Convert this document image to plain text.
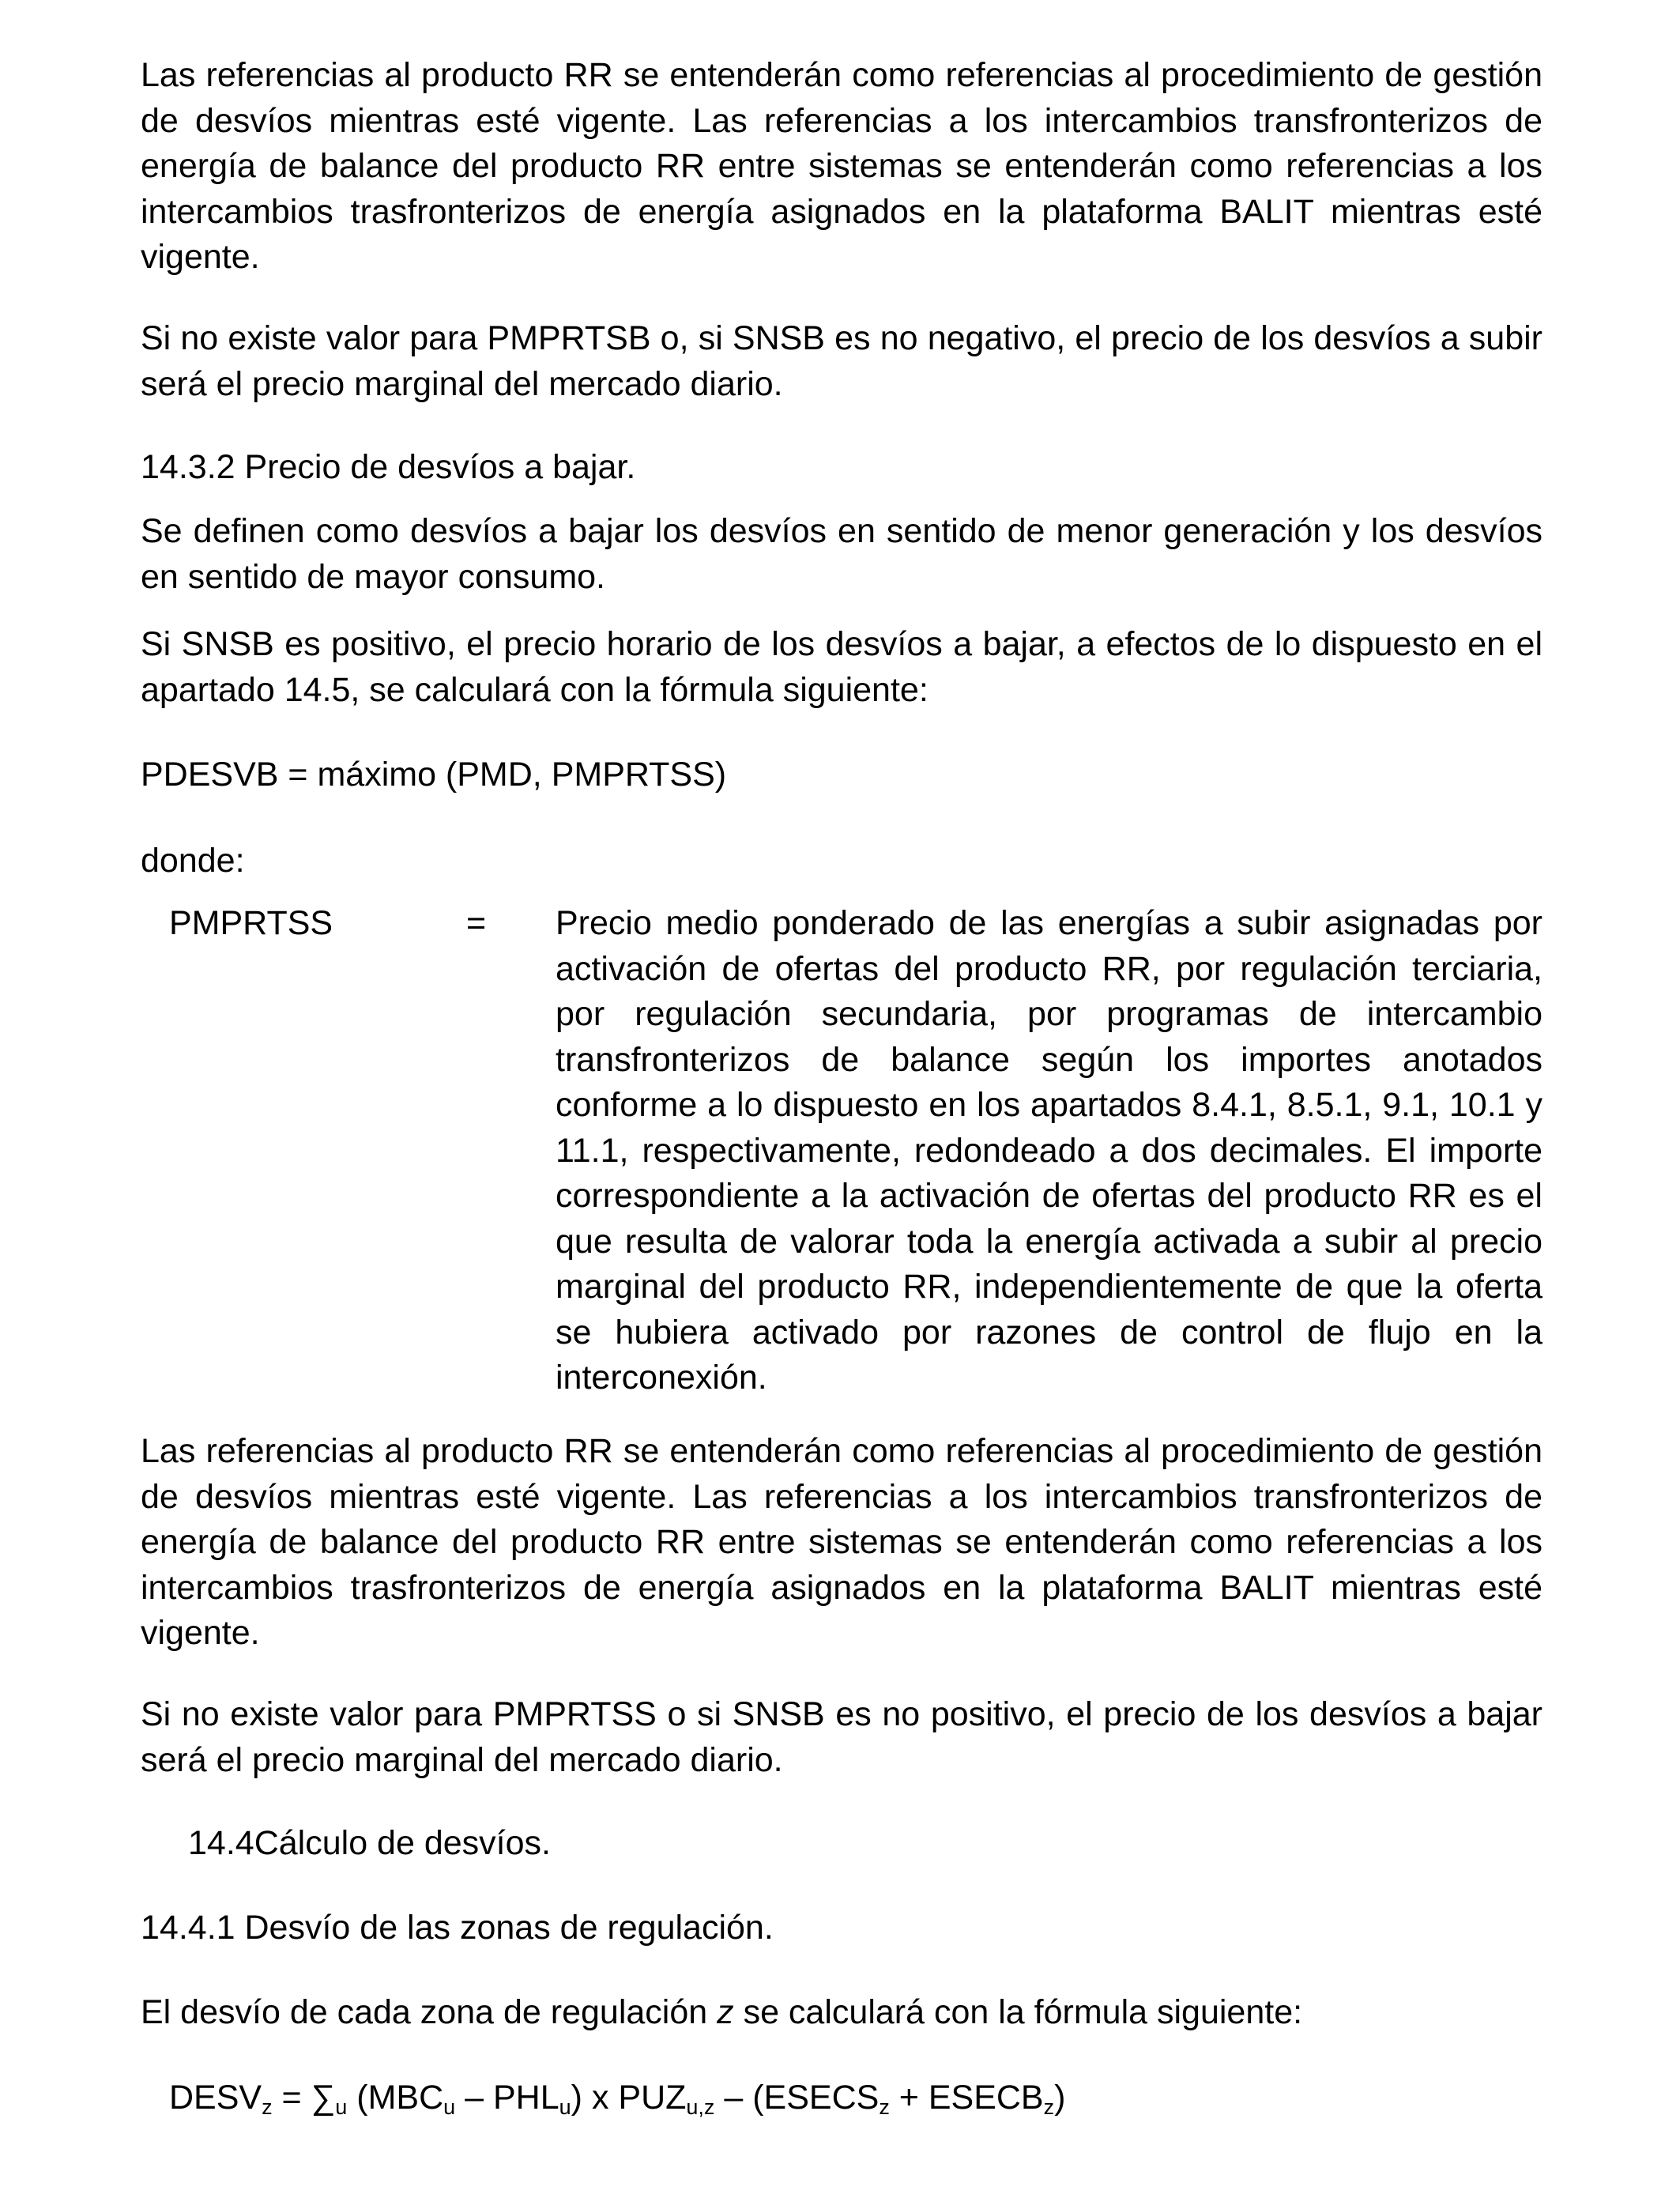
Las referencias al producto RR se entenderán como referencias al procedimiento de gestión de desvíos mientras esté vigente. Las referencias a los intercambios transfronterizos de energía de balance del producto RR entre sistemas se entenderán como referencias a los intercambios trasfronterizos de energía asignados en la plataforma BALIT mientras esté vigente.

Si no existe valor para PMPRTSB o, si SNSB es no negativo, el precio de los desvíos a subir será el precio marginal del mercado diario.

14.3.2 Precio de desvíos a bajar.

Se definen como desvíos a bajar los desvíos en sentido de menor generación y los desvíos en sentido de mayor consumo.

Si SNSB es positivo, el precio horario de los desvíos a bajar, a efectos de lo dispuesto en el apartado 14.5, se calculará con la fórmula siguiente:

PDESVB = máximo (PMD, PMPRTSS)

donde:

PMPRTSS	= Precio medio ponderado de las energías a subir asignadas por activación de ofertas del producto RR, por regulación terciaria, por regulación secundaria, por programas de intercambio transfronterizos de balance según los importes anotados conforme a lo dispuesto en los apartados 8.4.1, 8.5.1, 9.1, 10.1 y 11.1, respectivamente, redondeado a dos decimales. El importe correspondiente a la activación de ofertas del producto RR es el que resulta de valorar toda la energía activada a subir al precio marginal del producto RR, independientemente de que la oferta se hubiera activado por razones de control de flujo en la interconexión.

Las referencias al producto RR se entenderán como referencias al procedimiento de gestión de desvíos mientras esté vigente. Las referencias a los intercambios transfronterizos de energía de balance del producto RR entre sistemas se entenderán como referencias a los intercambios trasfronterizos de energía asignados en la plataforma BALIT mientras esté vigente.

Si no existe valor para PMPRTSS o si SNSB es no positivo, el precio de los desvíos a bajar será el precio marginal del mercado diario.

14.4Cálculo de desvíos.

14.4.1 Desvío de las zonas de regulación.

El desvío de cada zona de regulación z se calculará con la fórmula siguiente:

$DESV_z = \sum_u$ $(MBC_u - PHL_u)$ x $PUZ_{u,z}$ – ($ESECS_z$ + $ESECB_z$)
